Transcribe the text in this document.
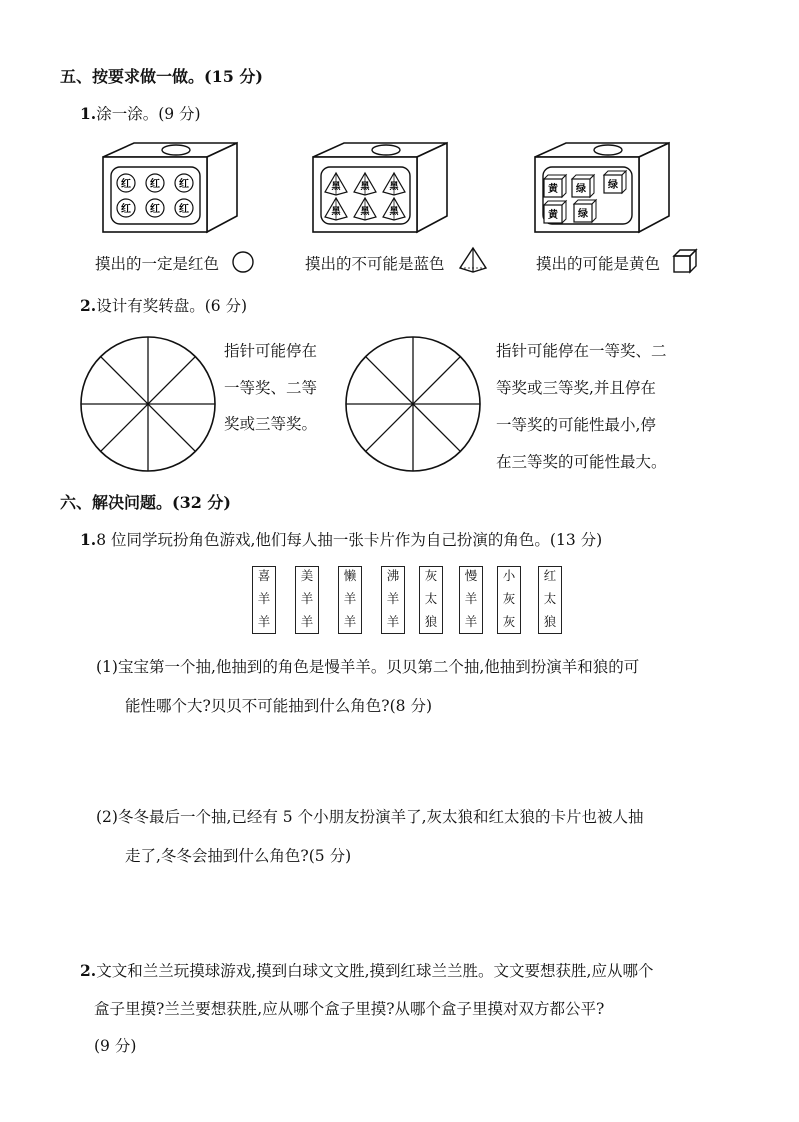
五、按要求做一做。(15 分)
1.涂一涂。(9 分)
红 红 红
红 红 红
黑 黑 黑
黑 黑 黑
黄 绿 绿
黄 绿
摸出的一定是红色	摸出的不可能是蓝色	摸出的可能是黄色
2.设计有奖转盘。(6 分)
指针可能停在
一等奖、二等
奖或三等奖。
指针可能停在一等奖、二
等奖或三等奖,并且停在
一等奖的可能性最小,停
在三等奖的可能性最大。
六、解决问题。(32 分)
1.8 位同学玩扮角色游戏,他们每人抽一张卡片作为自己扮演的角色。(13 分)
喜
羊
羊
美
羊
羊
懒
羊
羊
沸
羊
羊
灰
太
狼
慢
羊
羊
小
灰
灰
红
太
狼
(1)宝宝第一个抽,他抽到的角色是慢羊羊。贝贝第二个抽,他抽到扮演羊和狼的可
能性哪个大?贝贝不可能抽到什么角色?(8 分)
(2)冬冬最后一个抽,已经有 5 个小朋友扮演羊了,灰太狼和红太狼的卡片也被人抽
走了,冬冬会抽到什么角色?(5 分)
2.文文和兰兰玩摸球游戏,摸到白球文文胜,摸到红球兰兰胜。文文要想获胜,应从哪个
盒子里摸?兰兰要想获胜,应从哪个盒子里摸?从哪个盒子里摸对双方都公平?
(9 分)
